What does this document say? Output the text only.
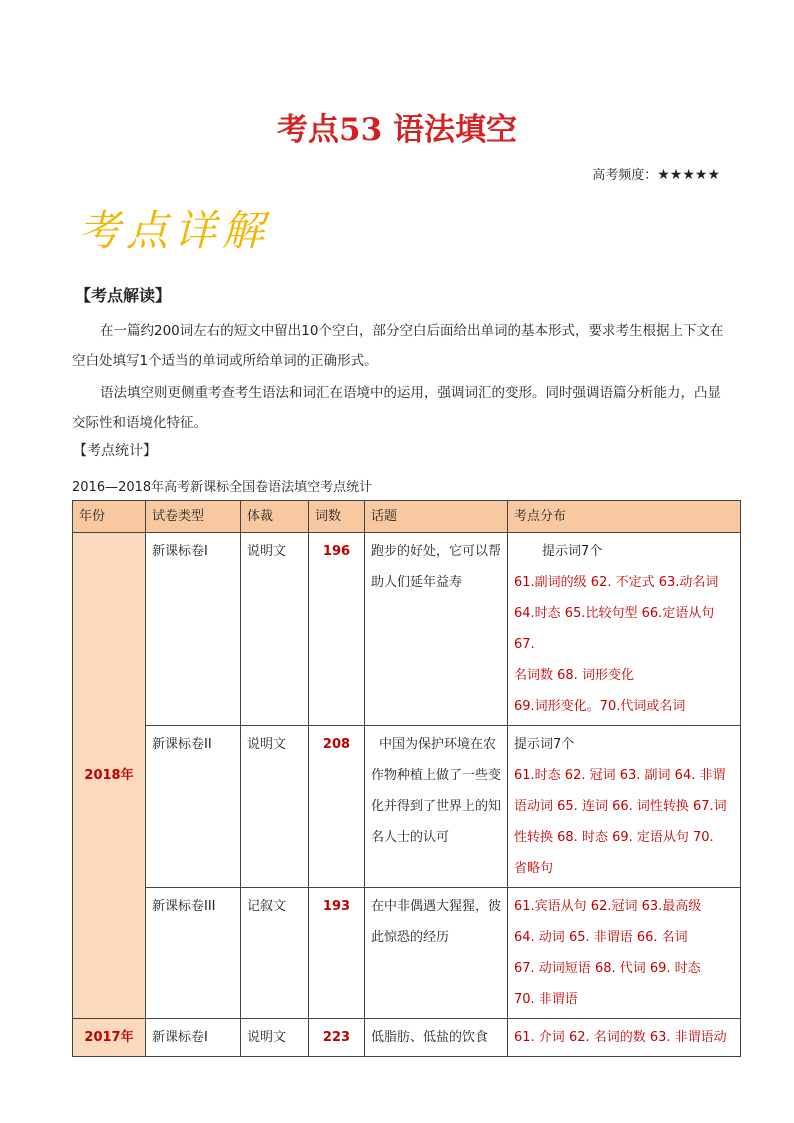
考点53 语法填空
高考频度：★★★★★
考点详解
【考点解读】
在一篇约200词左右的短文中留出10个空白，部分空白后面给出单词的基本形式，要求考生根据上下文在空白处填写1个适当的单词或所给单词的正确形式。
语法填空则更侧重考查考生语法和词汇在语境中的运用，强调词汇的变形。同时强调语篇分析能力，凸显交际性和语境化特征。
【考点统计】
2016—2018年高考新课标全国卷语法填空考点统计
年份	试卷类型	体裁	词数	话题	考点分布
2018年	新课标卷I	说明文	196	跑步的好处，它可以帮助人们延年益寿	提示词7个
61.副词的级 62. 不定式 63.动名词
64.时态 65.比较句型 66.定语从句 67.
名词数 68. 词形变化
69.词形变化。70.代词或名词

	新课标卷II	说明文	208	中国为保护环境在农作物种植上做了一些变化并得到了世界上的知名人士的认可	提示词7个
61.时态 62. 冠词 63. 副词 64. 非谓
语动词 65. 连词 66. 词性转换 67.词
性转换 68. 时态 69. 定语从句 70.
省略句

	新课标卷III	记叙文	193	在中非偶遇大猩猩，彼此惊恐的经历	61.宾语从句 62.冠词 63.最高级
64. 动词 65. 非谓语 66. 名词
67. 动词短语 68. 代词 69. 时态
70. 非谓语

2017年	新课标卷I	说明文	223	低脂肪、低盐的饮食	61. 介词 62. 名词的数 63. 非谓语动
